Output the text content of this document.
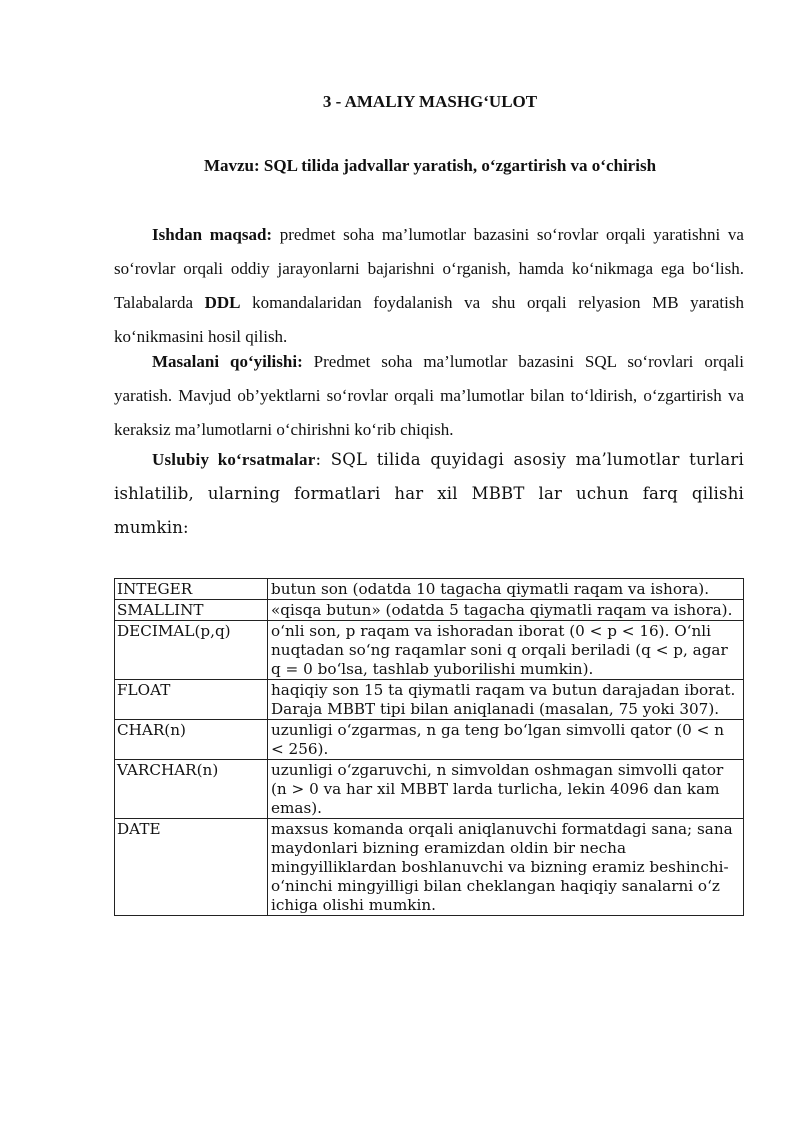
3 - AMALIY MASHG‘ULOT
Mavzu: SQL tilida jadvallar yaratish, o‘zgartirish va o‘chirish

Ishdan maqsad: predmet soha ma’lumotlar bazasini so‘rovlar orqali yaratishni va so‘rovlar orqali oddiy jarayonlarni bajarishni o‘rganish, hamda ko‘nikmaga ega bo‘lish. Talabalarda DDL komandalaridan foydalanish va shu orqali relyasion MB yaratish ko‘nikmasini hosil qilish.

Masalani qo‘yilishi: Predmet soha ma’lumotlar bazasini SQL so‘rovlari orqali yaratish. Mavjud ob’yektlarni so‘rovlar orqali ma’lumotlar bilan to‘ldirish, o‘zgartirish va keraksiz ma’lumotlarni o‘chirishni ko‘rib chiqish.

Uslubiy ko‘rsatmalar: SQL tilida quyidagi asosiy ma’lumotlar turlari ishlatilib, ularning formatlari har xil MBBT lar uchun farq qilishi mumkin:

INTEGER	butun son (odatda 10 tagacha qiymatli raqam va ishora).
SMALLINT	«qisqa butun» (odatda 5 tagacha qiymatli raqam va ishora).
DECIMAL(p,q)	o‘nli son, p raqam va ishoradan iborat (0 < p < 16). O‘nli nuqtadan so‘ng raqamlar soni q orqali beriladi (q < p, agar q = 0 bo‘lsa, tashlab yuborilishi mumkin).
FLOAT	haqiqiy son 15 ta qiymatli raqam va butun darajadan iborat. Daraja MBBT tipi bilan aniqlanadi (masalan, 75 yoki 307).
CHAR(n)	uzunligi o‘zgarmas, n ga teng bo‘lgan simvolli qator (0 < n < 256).
VARCHAR(n)	uzunligi o‘zgaruvchi, n simvoldan oshmagan simvolli qator (n > 0 va har xil MBBT larda turlicha, lekin 4096 dan kam emas).
DATE	maxsus komanda orqali aniqlanuvchi formatdagi sana; sana maydonlari bizning eramizdan oldin bir necha mingyilliklardan boshlanuvchi va bizning eramiz beshinchi-o‘ninchi mingyilligi bilan cheklangan haqiqiy sanalarni o‘z ichiga olishi mumkin.
